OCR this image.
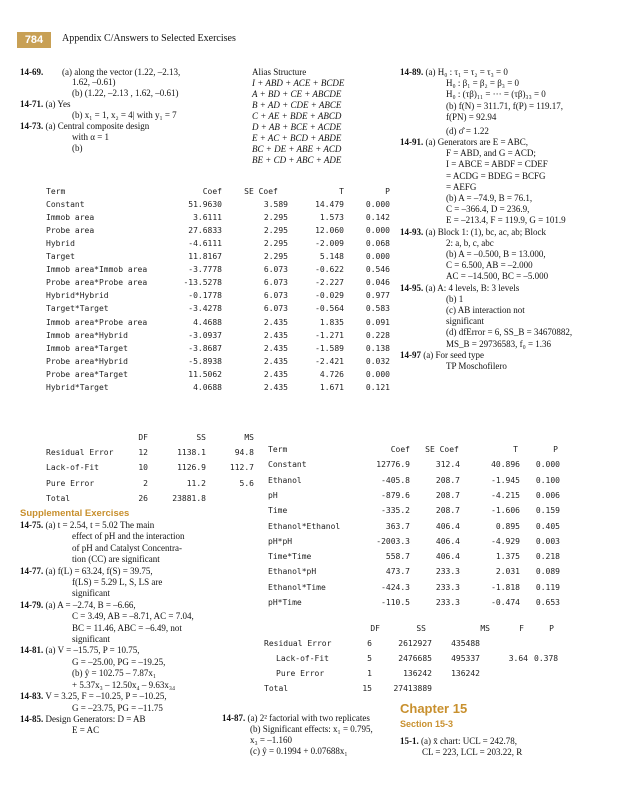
784	Appendix C/Answers to Selected Exercises
14-69. (a) along the vector (1.22, –2.13,
1.62, –0.61)
(b) (1.22, –2.13 , 1.62, –0.61)
14-71. (a) Yes
(b) x₁ = 1, x₂ = 4| with y₁ = 7
14-73. (a) Central composite design
with α = 1
(b)
Alias Structure
I + ABD + ACE + BCDE
A + BD + CE + ABCDE
B + AD + CDE + ABCE
C + AE + BDE + ABCD
D + AB + BCE + ACDE
E + AC + BCD + ABDE
BC + DE + ABE + ACD
BE + CD + ABC + ADE
Term	Coef	SE Coef	T	P
Constant	51.9630	3.589	14.479	0.000
Immob area	3.6111	2.295	1.573	0.142
Probe area	27.6833	2.295	12.060	0.000
Hybrid	-4.6111	2.295	-2.009	0.068
Target	11.8167	2.295	5.148	0.000
Immob area*Immob area	-3.7778	6.073	-0.622	0.546
Probe area*Probe area	-13.5278	6.073	-2.227	0.046
Hybrid*Hybrid	-0.1778	6.073	-0.029	0.977
Target*Target	-3.4278	6.073	-0.564	0.583
Immob area*Probe area	4.4688	2.435	1.835	0.091
Immob area*Hybrid	-3.0937	2.435	-1.271	0.228
Immob area*Target	-3.8687	2.435	-1.589	0.138
Probe area*Hybrid	-5.8938	2.435	-2.421	0.032
Probe area*Target	11.5062	2.435	4.726	0.000
Hybrid*Target	4.0688	2.435	1.671	0.121
DF	SS	MS
Residual Error	12	1138.1	94.8
Lack-of-Fit	10	1126.9	112.7
Pure Error	2	11.2	5.6
Total	26	23881.8
Supplemental Exercises
14-75. (a) t = 2.54, t = 5.02 The main
effect of pH and the interaction
of pH and Catalyst Concentra-
tion (CC) are significant
14-77. (a) f(L) = 63.24, f(S) = 39.75,
f(LS) = 5.29 L, S, LS are
significant
14-79. (a) A = –2.74, B = –6.66,
C = 3.49, AB = –8.71, AC = 7.04,
BC = 11.46, ABC = –6.49, not
significant
14-81. (a) V = –15.75, P = 10.75,
G = –25.00, PG = –19.25,
(b) ŷ = 102.75 – 7.87x₁
+ 5.37x₃ – 12.50x₄ – 9.63x₃₄
14-83. V = 3.25, F = –10.25, P = –10.25,
G = –23.75, PG = –11.75
14-85. Design Generators: D = AB
E = AC
14-87. (a) 2² factorial with two replicates
(b) Significant effects: x₁ = 0.795,
x₃ = –1.160
(c) ŷ = 0.1994 + 0.07688x₁
14-89. (a) H₀ : τ₁ = τ₂ = τ₃ = 0
H₀ : β₁ = β₂ = β₃ = 0
H₀ : (τβ)₁₁ = ··· = (τβ)₃₃ = 0
(b) f(N) = 311.71, f(P) = 119.17,
f(PN) = 92.94
(d) σ̂ = 1.22
14-91. (a) Generators are E = ABC,
F = ABD, and G = ACD;
I = ABCE = ABDF = CDEF
= ACDG = BDEG = BCFG
= AEFG
(b) A = –74.9, B = 76.1,
C = –366.4, D = 236.9,
E = –213.4, F = 119.9, G = 101.9
14-93. (a) Block 1: (1), bc, ac, ab; Block
2: a, b, c, abc
(b) A = –0.500, B = 13.000,
C = 6.500, AB = –2.000
AC = –14.500, BC = –5.000
14-95. (a) A: 4 levels, B: 3 levels
(b) 1
(c) AB interaction not
significant
(d) dfError = 6, SS_B = 34670882,
MS_B = 29736583, f₀ = 1.36
14-97 (a) For seed type
TP Moschofilero
Term	Coef	SE Coef	T	P
Constant	12776.9	312.4	40.896	0.000
Ethanol	-405.8	208.7	-1.945	0.100
pH	-879.6	208.7	-4.215	0.006
Time	-335.2	208.7	-1.606	0.159
Ethanol*Ethanol	363.7	406.4	0.895	0.405
pH*pH	-2003.3	406.4	-4.929	0.003
Time*Time	558.7	406.4	1.375	0.218
Ethanol*pH	473.7	233.3	2.031	0.089
Ethanol*Time	-424.3	233.3	-1.818	0.119
pH*Time	-110.5	233.3	-0.474	0.653
DF	SS	MS	F	P
Residual Error	6	2612927	435488
Lack-of-Fit	5	2476685	495337	3.64 0.378
Pure Error	1	136242	136242
Total	15	27413889
Chapter 15
Section 15-3
15-1. (a) x̄ chart: UCL = 242.78,
CL = 223, LCL = 203.22, R
